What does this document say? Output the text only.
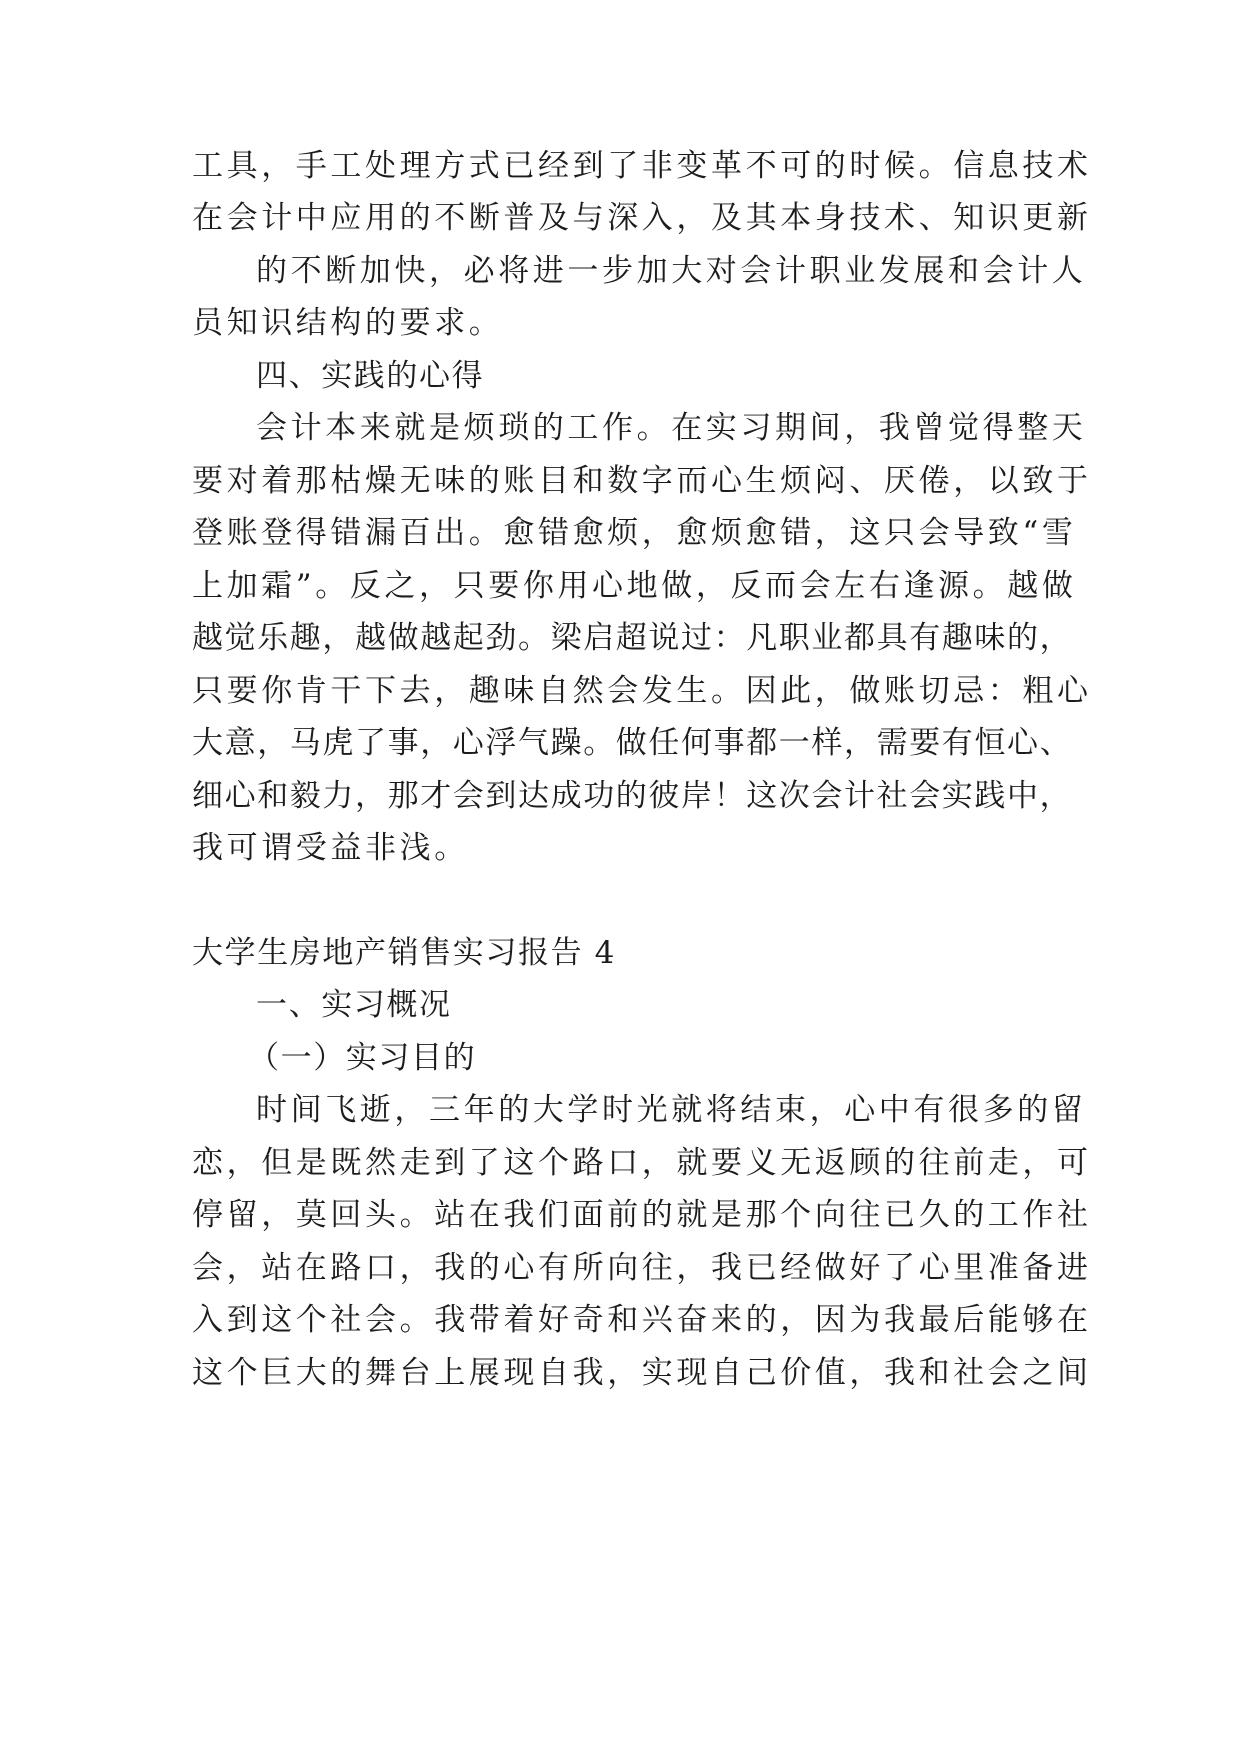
工具，手工处理方式已经到了非变革不可的时候。信息技术
在会计中应用的不断普及与深入，及其本身技术、知识更新
的不断加快，必将进一步加大对会计职业发展和会计人
员知识结构的要求。
四、实践的心得
会计本来就是烦琐的工作。在实习期间，我曾觉得整天
要对着那枯燥无味的账目和数字而心生烦闷、厌倦，以致于
登账登得错漏百出。愈错愈烦，愈烦愈错，这只会导致“雪
上加霜”。反之，只要你用心地做，反而会左右逢源。越做
越觉乐趣，越做越起劲。梁启超说过：凡职业都具有趣味的，
只要你肯干下去，趣味自然会发生。因此，做账切忌：粗心
大意，马虎了事，心浮气躁。做任何事都一样，需要有恒心、
细心和毅力，那才会到达成功的彼岸！这次会计社会实践中，
我可谓受益非浅。
大学生房地产销售实习报告 4
一、实习概况
（一）实习目的
时间飞逝，三年的大学时光就将结束，心中有很多的留
恋，但是既然走到了这个路口，就要义无返顾的往前走，可
停留，莫回头。站在我们面前的就是那个向往已久的工作社
会，站在路口，我的心有所向往，我已经做好了心里准备进
入到这个社会。我带着好奇和兴奋来的，因为我最后能够在
这个巨大的舞台上展现自我，实现自己价值，我和社会之间
